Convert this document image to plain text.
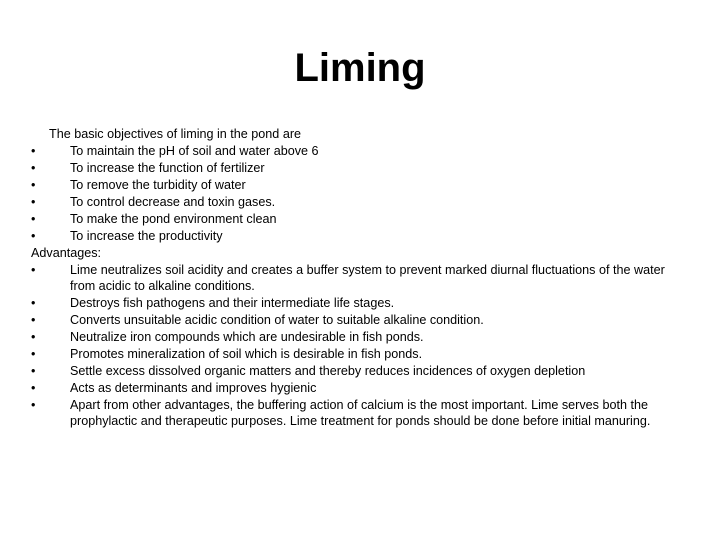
Liming

The basic objectives of liming in the pond are

•	To maintain the pH of soil and water above 6
•	To increase the function of fertilizer
•	To remove the turbidity of water
•	To control decrease and toxin gases.
•	To make the pond environment clean
•	To increase the productivity

Advantages:

•	Lime neutralizes soil acidity and creates a buffer system to prevent marked diurnal fluctuations of the water from acidic to alkaline conditions.
•	Destroys fish pathogens and their intermediate life stages.
•	Converts unsuitable acidic condition of water to suitable alkaline condition.
•	Neutralize iron compounds which are undesirable in fish ponds.
•	Promotes mineralization of soil which is desirable in fish ponds.
•	Settle excess dissolved organic matters and thereby reduces incidences of oxygen depletion
•	Acts as determinants and improves hygienic
•	Apart from other advantages, the buffering action of calcium is the most important. Lime serves both the prophylactic and therapeutic purposes. Lime treatment for ponds should be done before initial manuring.
